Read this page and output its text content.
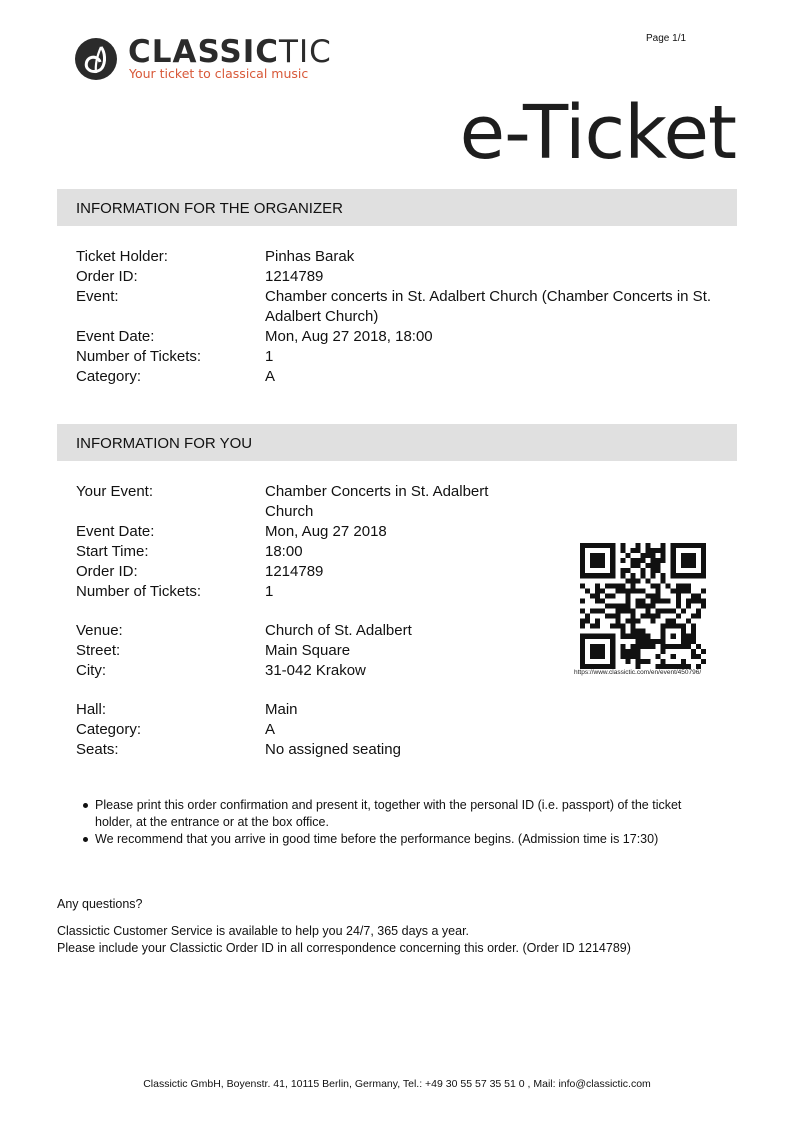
CLASSICTIC
Your ticket to classical music
Page 1/1
e-Ticket
INFORMATION FOR THE ORGANIZER
Ticket Holder:	Pinhas Barak
Order ID:	1214789
Event:	Chamber concerts in St. Adalbert Church (Chamber Concerts in St. Adalbert Church)
Event Date:	Mon, Aug 27 2018, 18:00
Number of Tickets:	1
Category:	A
INFORMATION FOR YOU
Your Event:	Chamber Concerts in St. Adalbert Church
Event Date:	Mon, Aug 27 2018
Start Time:	18:00
Order ID:	1214789
Number of Tickets:	1
Venue:	Church of St. Adalbert
Street:	Main Square
City:	31-042 Krakow
Hall:	Main
Category:	A
Seats:	No assigned seating
https://www.classictic.com/en/event/450796/
Please print this order confirmation and present it, together with the personal ID (i.e. passport) of the ticket holder, at the entrance or at the box office.
We recommend that you arrive in good time before the performance begins. (Admission time is 17:30)
Any questions?
Classictic Customer Service is available to help you 24/7, 365 days a year.
Please include your Classictic Order ID in all correspondence concerning this order. (Order ID 1214789)
Classictic GmbH, Boyenstr. 41, 10115 Berlin, Germany, Tel.: +49 30 55 57 35 51 0 , Mail: info@classictic.com
